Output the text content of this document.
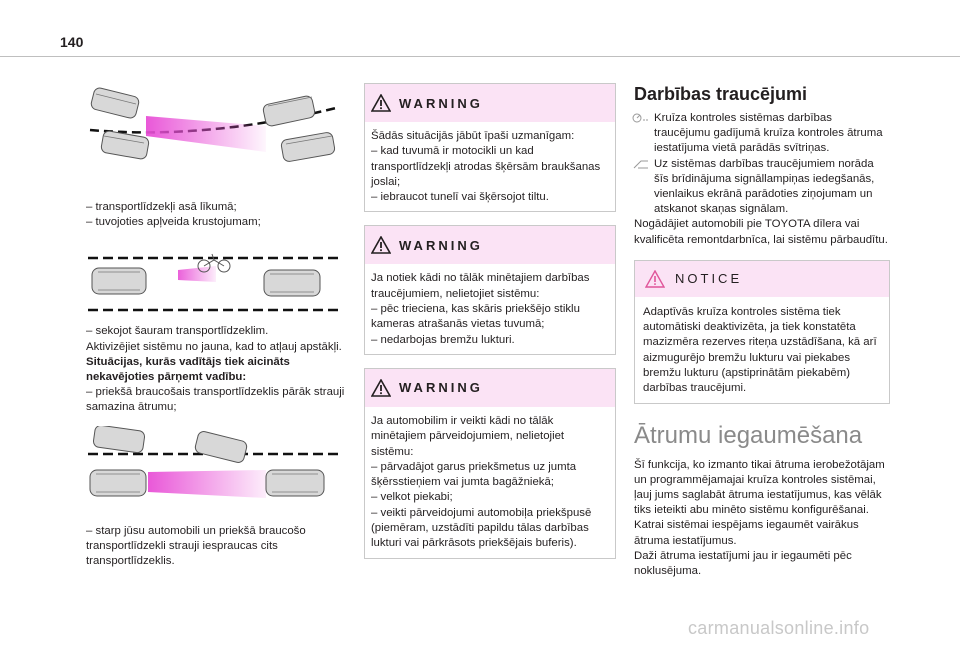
140

– transportlīdzekļi asā līkumā;

– tuvojoties apļveida krustojumam;

– sekojot šauram transportlīdzeklim.

Aktivizējiet sistēmu no jauna, kad to atļauj apstākļi.

Situācijas, kurās vadītājs tiek aicināts nekavējoties pārņemt vadību:

– priekšā braucošais transportlīdzeklis pārāk strauji samazina ātrumu;

– starp jūsu automobili un priekšā braucošo transportlīdzekli strauji iespraucas cits transportlīdzeklis.

WARNING

Šādās situācijās jābūt īpaši uzmanīgam:

– kad tuvumā ir motocikli un kad transportlīdzekļi atrodas šķērsām braukšanas joslai;

– iebraucot tunelī vai šķērsojot tiltu.

WARNING

Ja notiek kādi no tālāk minētajiem darbības traucējumiem, nelietojiet sistēmu:

– pēc trieciena, kas skāris priekšējo stiklu kameras atrašanās vietas tuvumā;

– nedarbojas bremžu lukturi.

WARNING

Ja automobilim ir veikti kādi no tālāk minētajiem pārveidojumiem, nelietojiet sistēmu:

– pārvadājot garus priekšmetus uz jumta šķērsstieņiem vai jumta bagāžniekā;

– velkot piekabi;

– veikti pārveidojumi automobiļa priekšpusē (piemēram, uzstādīti papildu tālas darbības lukturi vai pārkrāsots priekšējais buferis).

Darbības traucējumi

Kruīza kontroles sistēmas darbības traucējumu gadījumā kruīza kontroles ātruma iestatījuma vietā parādās svītriņas.

Uz sistēmas darbības traucējumiem norāda šīs brīdinājuma signāllampiņas iedegšanās, vienlaikus ekrānā parādoties ziņojumam un atskanot skaņas signālam.

Nogādājiet automobili pie TOYOTA dīlera vai kvalificēta remontdarbnīca, lai sistēmu pārbaudītu.

NOTICE

Adaptīvās kruīza kontroles sistēma tiek automātiski deaktivizēta, ja tiek konstatēta mazizmēra rezerves riteņa uzstādīšana, kā arī aizmugurējo bremžu lukturu vai piekabes bremžu lukturu (apstiprinātām piekabēm) darbības traucējumi.

Ātrumu iegaumēšana

Šī funkcija, ko izmanto tikai ātruma ierobežotājam un programmējamajai kruīza kontroles sistēmai, ļauj jums saglabāt ātruma iestatījumus, kas vēlāk tiks ieteikti abu minēto sistēmu konfigurēšanai.

Katrai sistēmai iespējams iegaumēt vairākus ātruma iestatījumus.

Daži ātruma iestatījumi jau ir iegaumēti pēc noklusējuma.

carmanualsonline.info
